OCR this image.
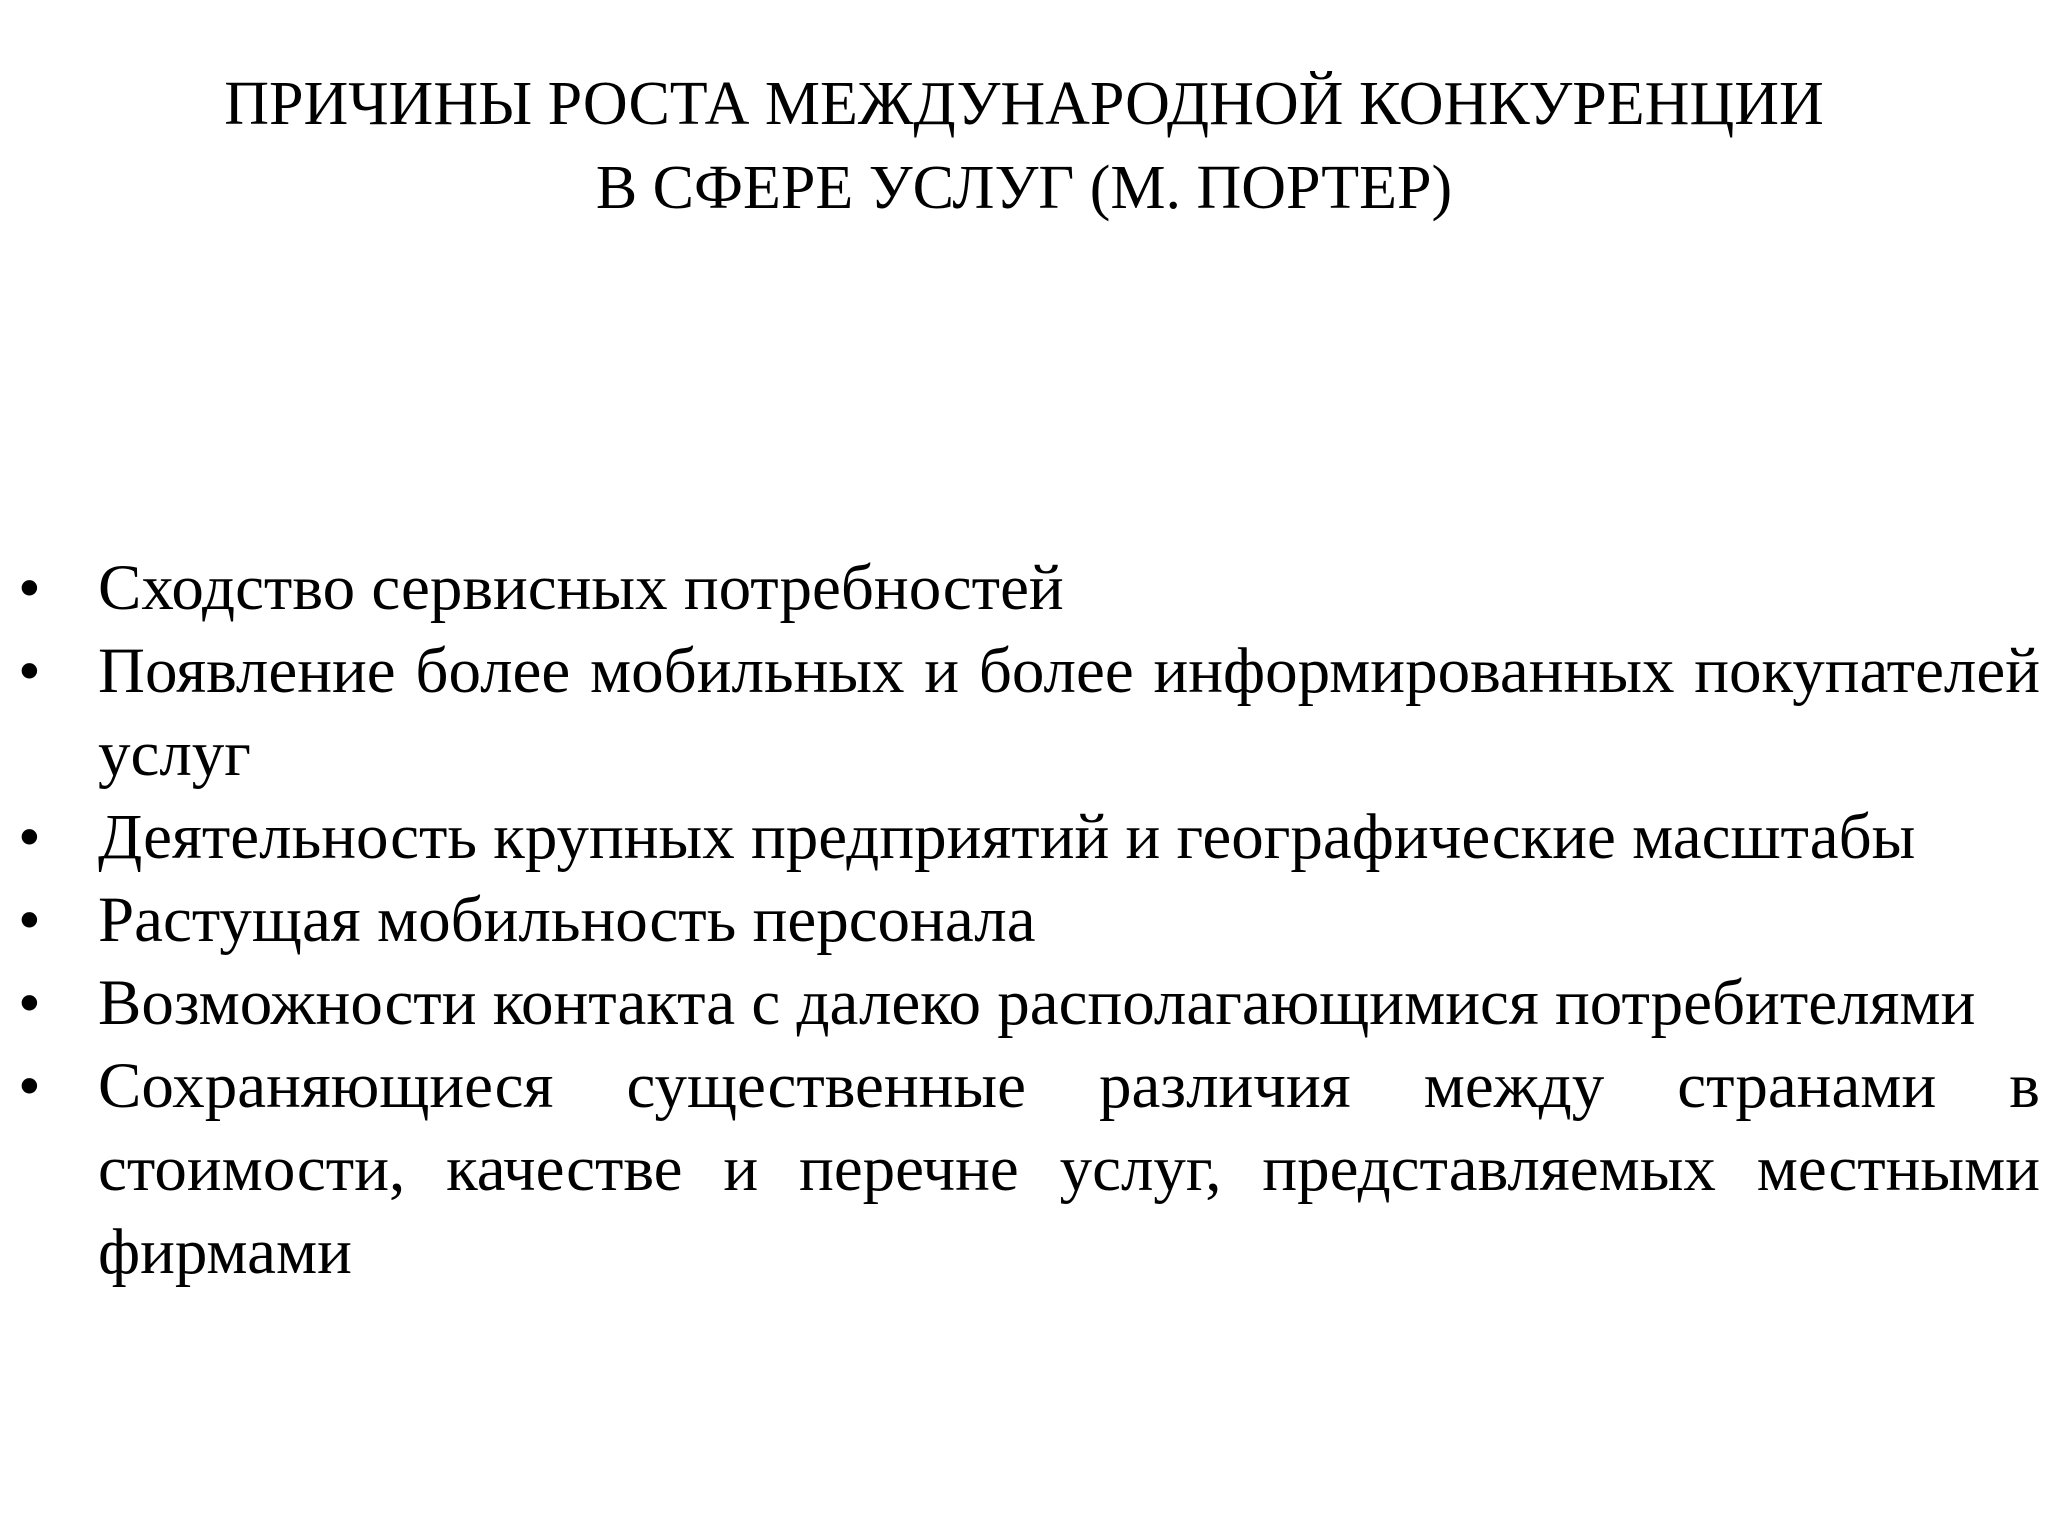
ПРИЧИНЫ РОСТА МЕЖДУНАРОДНОЙ КОНКУРЕНЦИИ
В СФЕРЕ УСЛУГ (М. ПОРТЕР)
• Сходство сервисных потребностей
• Появление более мобильных и более информированных покупателей услуг
• Деятельность крупных предприятий и географические масштабы
• Растущая мобильность персонала
• Возможности контакта с далеко располагающимися потребителями
• Сохраняющиеся существенные различия между странами в стоимости, качестве и перечне услуг, представляемых местными фирмами
